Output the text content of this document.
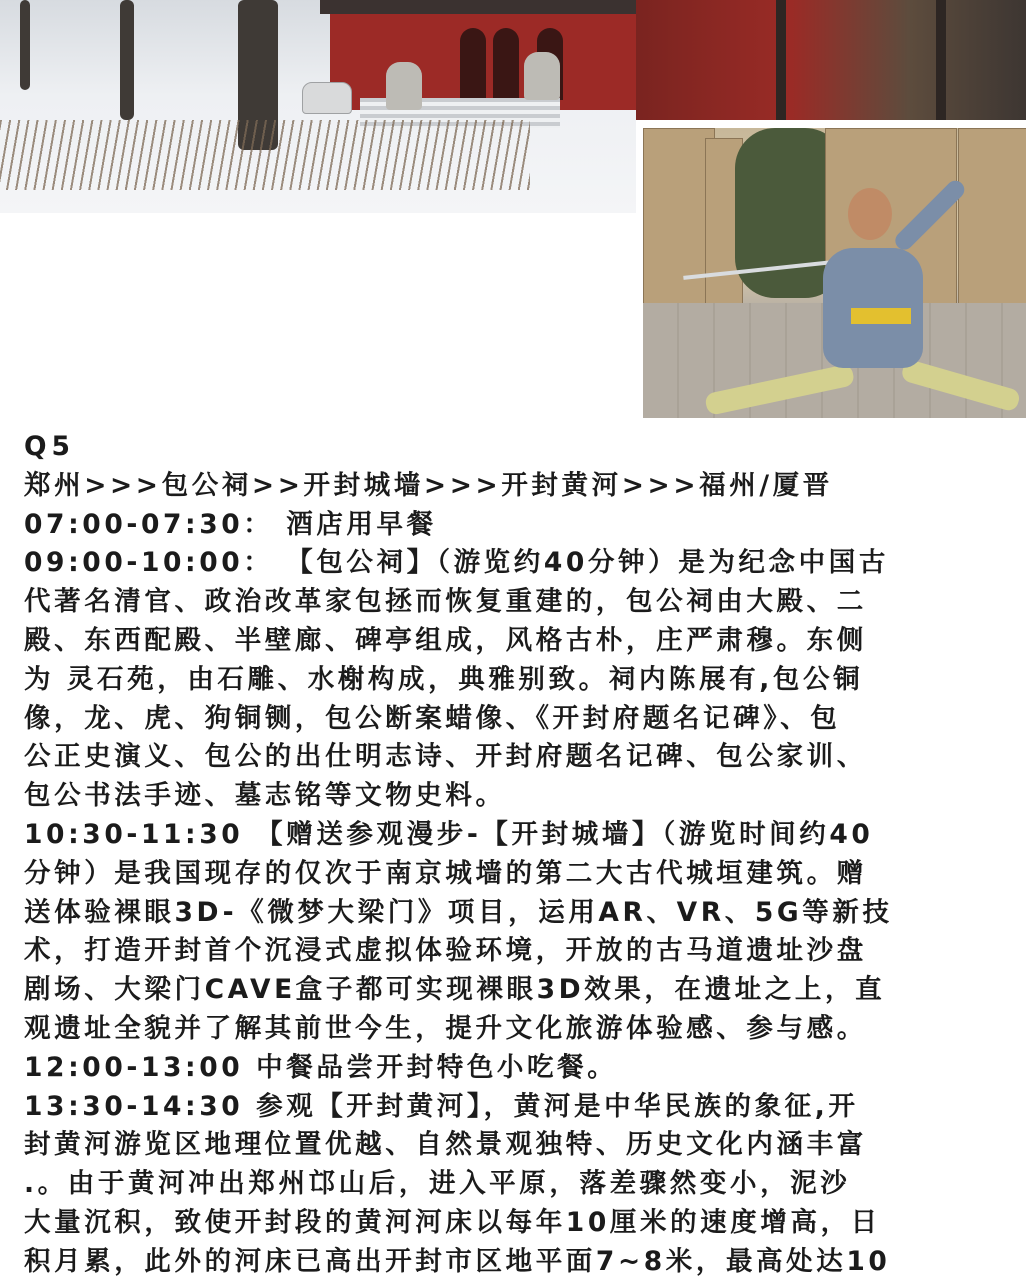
Q5

郑州>>>包公祠>>开封城墙>>>开封黄河>>>福州/厦晋

07:00-07:30： 酒店用早餐

09:00-10:00： 【包公祠】（游览约40分钟）是为纪念中国古

代著名清官、政治改革家包拯而恢复重建的，包公祠由大殿、二

殿、东西配殿、半壁廊、碑亭组成，风格古朴，庄严肃穆。东侧

为 灵石苑，由石雕、水榭构成，典雅别致。祠内陈展有,包公铜

像，龙、虎、狗铜铡，包公断案蜡像、《开封府题名记碑》、包

公正史演义、包公的出仕明志诗、开封府题名记碑、包公家训、

包公书法手迹、墓志铭等文物史料。

10:30-11:30 【赠送参观漫步-【开封城墙】（游览时间约40

分钟）是我国现存的仅次于南京城墙的第二大古代城垣建筑。赠

送体验裸眼3D-《微梦大梁门》项目，运用AR、VR、5G等新技

术，打造开封首个沉浸式虚拟体验环境，开放的古马道遗址沙盘

剧场、大梁门CAVE盒子都可实现裸眼3D效果，在遗址之上，直

观遗址全貌并了解其前世今生，提升文化旅游体验感、参与感。

12:00-13:00 中餐品尝开封特色小吃餐。

13:30-14:30 参观【开封黄河】，黄河是中华民族的象征,开

封黄河游览区地理位置优越、自然景观独特、历史文化内涵丰富

.。由于黄河冲出郑州邙山后，进入平原，落差骤然变小，泥沙

大量沉积，致使开封段的黄河河床以每年10厘米的速度增高，日

积月累，此外的河床已高出开封市区地平面7~8米，最高处达10
